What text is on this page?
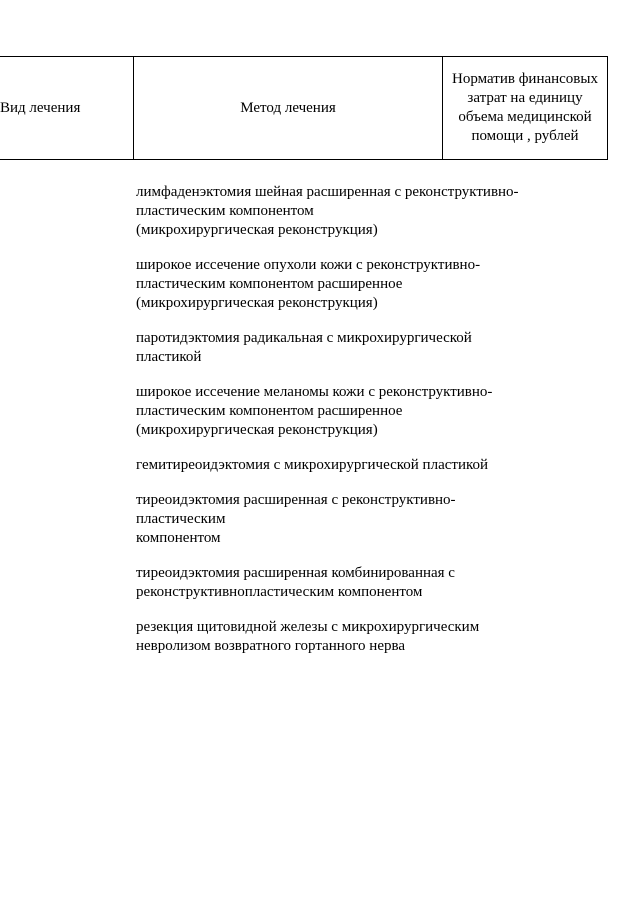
Вид лечения	Метод лечения
Норматив финансовых затрат на единицу объема медицинской помощи , рублей
лимфаденэктомия шейная расширенная с реконструктивно-
пластическим компонентом
(микрохирургическая реконструкция)
широкое иссечение опухоли кожи с реконструктивно-
пластическим компонентом расширенное
(микрохирургическая реконструкция)
паротидэктомия радикальная с микрохирургической
пластикой
широкое иссечение меланомы кожи с реконструктивно-
пластическим компонентом расширенное
(микрохирургическая реконструкция)
гемитиреоидэктомия с микрохирургической пластикой
тиреоидэктомия расширенная с реконструктивно-
пластическим
компонентом
тиреоидэктомия расширенная комбинированная с
реконструктивнопластическим компонентом
резекция щитовидной железы с микрохирургическим
невролизом возвратного гортанного нерва
